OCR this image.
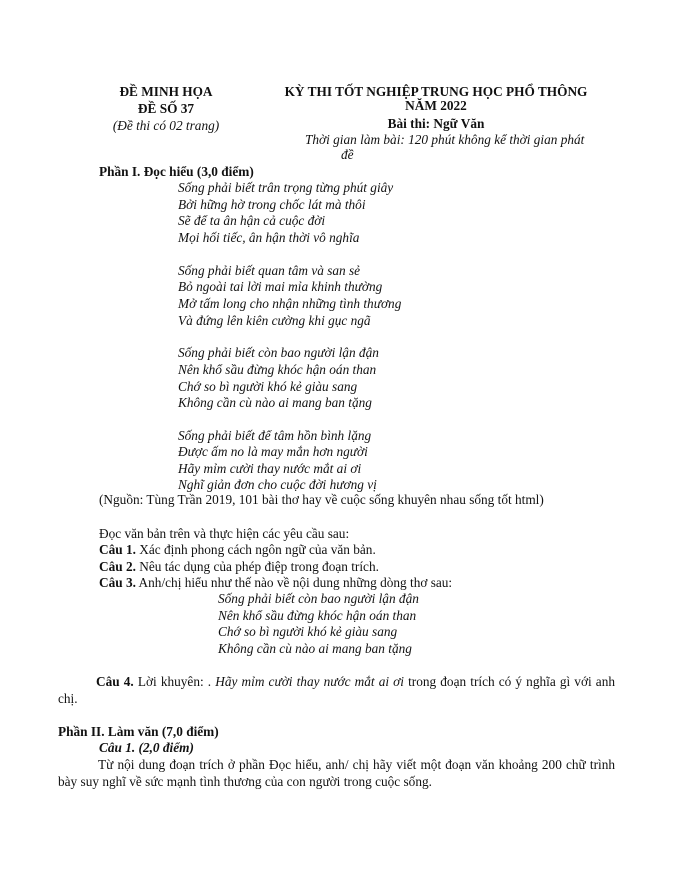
ĐỀ MINH HỌA
ĐỀ SỐ 37
(Đề thi có 02 trang)
KỲ THI TỐT NGHIỆP TRUNG HỌC PHỔ THÔNG
NĂM 2022
Bài thi: Ngữ Văn
Thời gian làm bài: 120 phút không kể thời gian phát
đề
Phần I. Đọc hiểu (3,0 điểm)
Sống phải biết trân trọng từng phút giây
Bởi hững hờ trong chốc lát mà thôi
Sẽ để ta ân hận cả cuộc đời
Mọi hối tiếc, ân hận thời vô nghĩa
Sống phải biết quan tâm và san sẻ
Bỏ ngoài tai lời mai mỉa khinh thường
Mở tấm long cho nhận những tình thương
Và đứng lên kiên cường khi gục ngã
Sống phải biết còn bao người lận đận
Nên khổ sầu đừng khóc hận oán than
Chớ so bì người khó kẻ giàu sang
Không cần cù nào ai mang ban tặng
Sống phải biết để tâm hồn bình lặng
Được ấm no là may mắn hơn người
Hãy mỉm cười thay nước mắt ai ơi
Nghĩ giản đơn cho cuộc đời hương vị
(Nguồn: Tùng Trần 2019, 101 bài thơ hay về cuộc sống khuyên nhau sống tốt html)
Đọc văn bản trên và thực hiện các yêu cầu sau:
Câu 1. Xác định phong cách ngôn ngữ của văn bản.
Câu 2. Nêu tác dụng của phép điệp trong đoạn trích.
Câu 3. Anh/chị hiểu như thế nào về nội dung những dòng thơ sau:
Sống phải biết còn bao người lận đận
Nên khổ sầu đừng khóc hận oán than
Chớ so bì người khó kẻ giàu sang
Không cần cù nào ai mang ban tặng
Câu 4. Lời khuyên: . Hãy mỉm cười thay nước mắt ai ơi trong đoạn trích có ý nghĩa gì với anh chị.
Phần II. Làm văn (7,0 điểm)
Câu 1. (2,0 điểm)
Từ nội dung đoạn trích ở phần Đọc hiểu, anh/ chị hãy viết một đoạn văn khoảng 200 chữ trình bày suy nghĩ về sức mạnh tình thương của con người trong cuộc sống.
